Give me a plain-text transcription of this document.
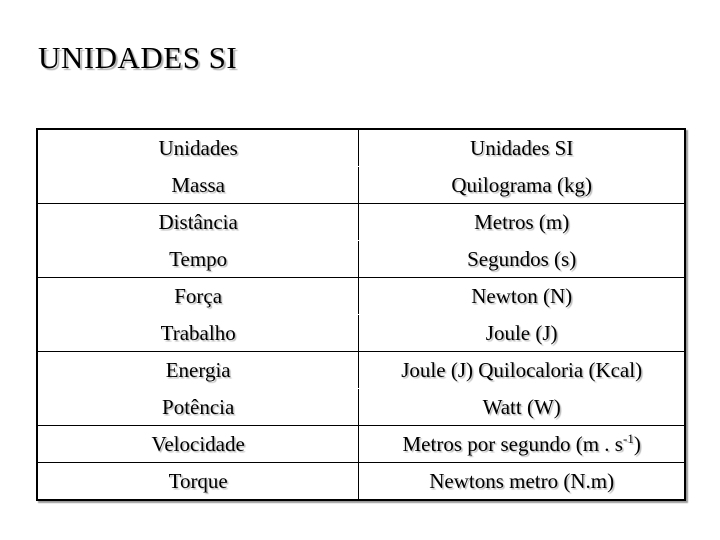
UNIDADES SI
Unidades	Unidades SI
Massa	Quilograma (kg)
Distância	Metros (m)
Tempo	Segundos (s)
Força	Newton (N)
Trabalho	Joule (J)
Energia	Joule (J) Quilocaloria (Kcal)
Potência	Watt (W)
Velocidade	Metros por segundo (m . $s^{-1}$)
Torque	Newtons metro (N.m)
